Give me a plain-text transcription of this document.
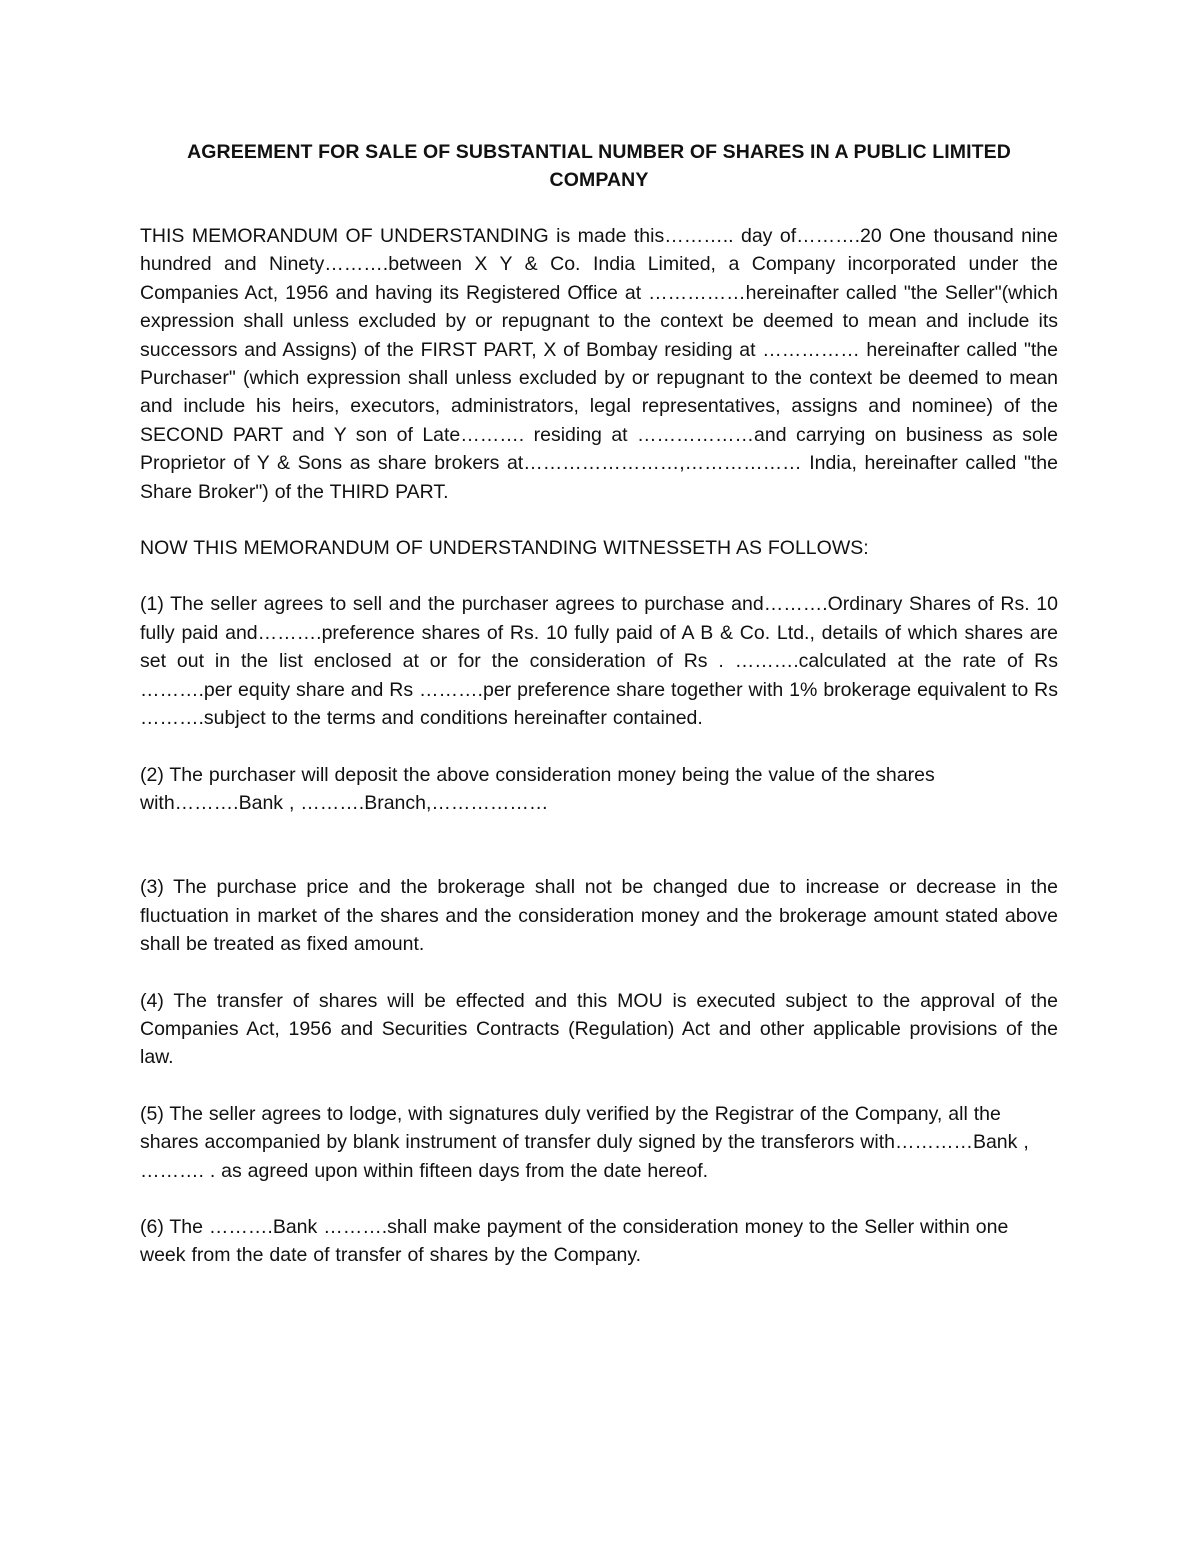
AGREEMENT FOR SALE OF SUBSTANTIAL NUMBER OF SHARES IN A PUBLIC LIMITED COMPANY

THIS MEMORANDUM OF UNDERSTANDING is made this……….. day of……….20 One thousand nine hundred and Ninety……….between X Y & Co. India Limited, a Company incorporated under the Companies Act, 1956 and having its Registered Office at ……………hereinafter called "the Seller"(which expression shall unless excluded by or repugnant to the context be deemed to mean and include its successors and Assigns) of the FIRST PART, X of Bombay residing at …………… hereinafter called "the Purchaser" (which expression shall unless excluded by or repugnant to the context be deemed to mean and include his heirs, executors, administrators, legal representatives, assigns and nominee) of the SECOND PART and Y son of Late………. residing at ………………and carrying on business as sole Proprietor of Y & Sons as share brokers at……………………,……………… India, hereinafter called "the Share Broker") of the THIRD PART.

NOW THIS MEMORANDUM OF UNDERSTANDING WITNESSETH AS FOLLOWS:

(1) The seller agrees to sell and the purchaser agrees to purchase and……….Ordinary Shares of Rs. 10 fully paid and……….preference shares of Rs. 10 fully paid of A B & Co. Ltd., details of which shares are set out in the list enclosed at or for the consideration of Rs . ……….calculated at the rate of Rs ……….per equity share and Rs ……….per preference share together with 1% brokerage equivalent to Rs ……….subject to the terms and conditions hereinafter contained.

(2) The purchaser will deposit the above consideration money being the value of the shares with……….Bank , ……….Branch,………………

(3) The purchase price and the brokerage shall not be changed due to increase or decrease in the fluctuation in market of the shares and the consideration money and the brokerage amount stated above shall be treated as fixed amount.

(4) The transfer of shares will be effected and this MOU is executed subject to the approval of the Companies Act, 1956 and Securities Contracts (Regulation) Act and other applicable provisions of the law.

(5) The seller agrees to lodge, with signatures duly verified by the Registrar of the Company, all the shares accompanied by blank instrument of transfer duly signed by the transferors with…………Bank , ………. . as agreed upon within fifteen days from the date hereof.

(6) The ……….Bank ……….shall make payment of the consideration money to the Seller within one week from the date of transfer of shares by the Company.
